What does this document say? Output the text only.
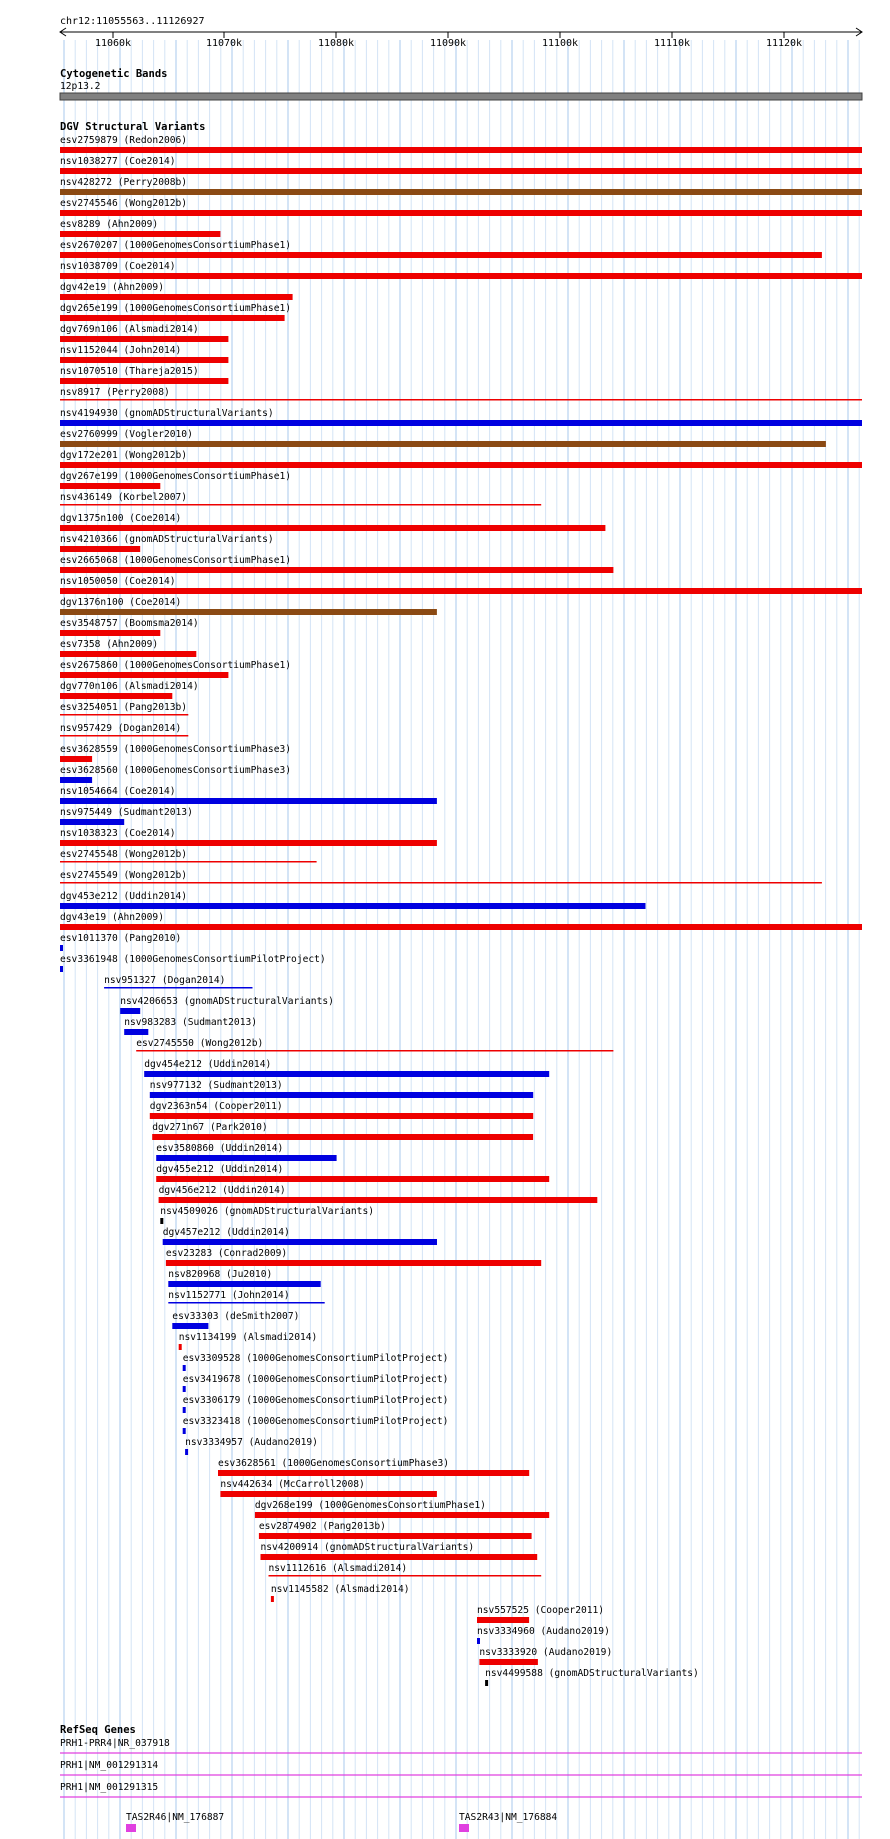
chr12:11055563..11126927
11060k	11070k	11080k	11090k	11100k	11110k	11120k
Cytogenetic Bands
12p13.2
DGV Structural Variants
esv2759879 (Redon2006)
nsv1038277 (Coe2014)
nsv428272 (Perry2008b)
esv2745546 (Wong2012b)
esv8289 (Ahn2009)
esv2670207 (1000GenomesConsortiumPhase1)
nsv1038709 (Coe2014)
dgv42e19 (Ahn2009)
dgv265e199 (1000GenomesConsortiumPhase1)
dgv769n106 (Alsmadi2014)
nsv1152044 (John2014)
nsv1070510 (Thareja2015)
nsv8917 (Perry2008)
nsv4194930 (gnomADStructuralVariants)
esv2760999 (Vogler2010)
dgv172e201 (Wong2012b)
dgv267e199 (1000GenomesConsortiumPhase1)
nsv436149 (Korbel2007)
dgv1375n100 (Coe2014)
nsv4210366 (gnomADStructuralVariants)
esv2665068 (1000GenomesConsortiumPhase1)
nsv1050050 (Coe2014)
dgv1376n100 (Coe2014)
esv3548757 (Boomsma2014)
esv7358 (Ahn2009)
esv2675860 (1000GenomesConsortiumPhase1)
dgv770n106 (Alsmadi2014)
esv3254051 (Pang2013b)
nsv957429 (Dogan2014)
esv3628559 (1000GenomesConsortiumPhase3)
esv3628560 (1000GenomesConsortiumPhase3)
nsv1054664 (Coe2014)
nsv975449 (Sudmant2013)
nsv1038323 (Coe2014)
esv2745548 (Wong2012b)
esv2745549 (Wong2012b)
dgv453e212 (Uddin2014)
dgv43e19 (Ahn2009)
esv1011370 (Pang2010)
esv3361948 (1000GenomesConsortiumPilotProject)
nsv951327 (Dogan2014)
nsv4206653 (gnomADStructuralVariants)
nsv983283 (Sudmant2013)
esv2745550 (Wong2012b)
dgv454e212 (Uddin2014)
nsv977132 (Sudmant2013)
dgv2363n54 (Cooper2011)
dgv271n67 (Park2010)
esv3580860 (Uddin2014)
dgv455e212 (Uddin2014)
dgv456e212 (Uddin2014)
nsv4509026 (gnomADStructuralVariants)
dgv457e212 (Uddin2014)
esv23283 (Conrad2009)
nsv820968 (Ju2010)
nsv1152771 (John2014)
esv33303 (deSmith2007)
nsv1134199 (Alsmadi2014)
esv3309528 (1000GenomesConsortiumPilotProject)
esv3419678 (1000GenomesConsortiumPilotProject)
esv3306179 (1000GenomesConsortiumPilotProject)
esv3323418 (1000GenomesConsortiumPilotProject)
nsv3334957 (Audano2019)
esv3628561 (1000GenomesConsortiumPhase3)
nsv442634 (McCarroll2008)
dgv268e199 (1000GenomesConsortiumPhase1)
esv2874902 (Pang2013b)
nsv4200914 (gnomADStructuralVariants)
nsv1112616 (Alsmadi2014)
nsv1145582 (Alsmadi2014)
nsv557525 (Cooper2011)
nsv3334960 (Audano2019)
nsv3333920 (Audano2019)
nsv4499588 (gnomADStructuralVariants)
RefSeq Genes
PRH1-PRR4|NR_037918
PRH1|NM_001291314
PRH1|NM_001291315
TAS2R46|NM_176887	TAS2R43|NM_176884
